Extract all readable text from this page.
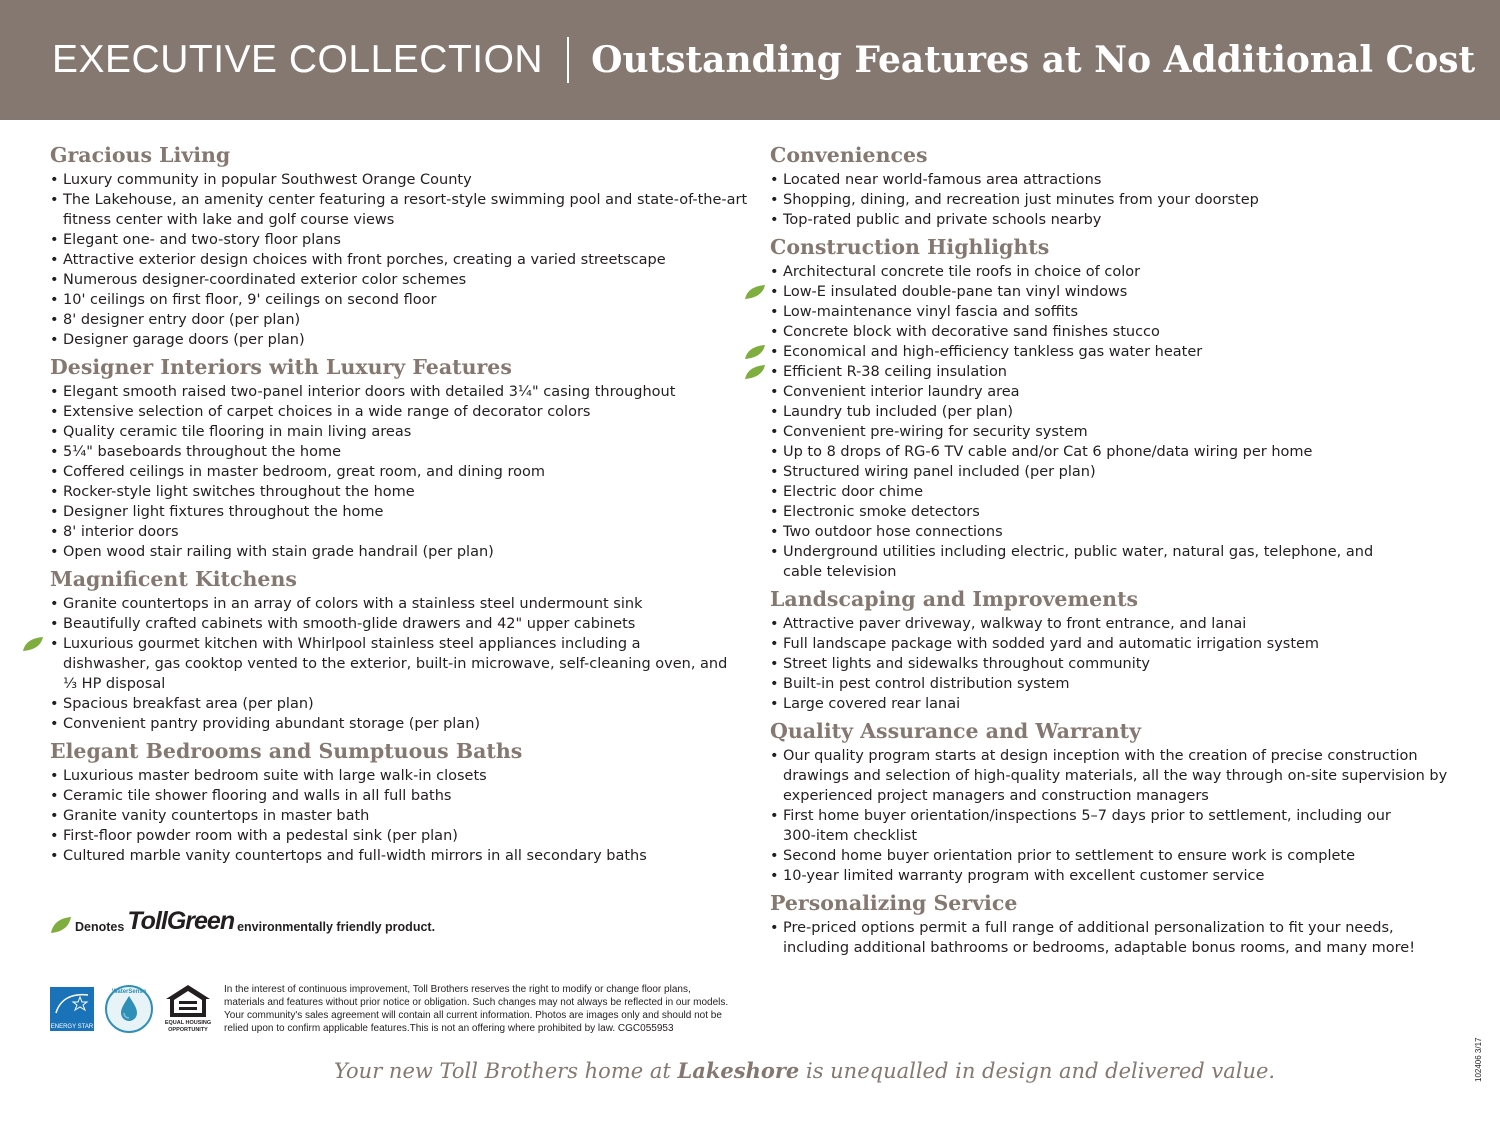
EXECUTIVE COLLECTION Outstanding Features at No Additional Cost
Gracious Living
• Luxury community in popular Southwest Orange County
• The Lakehouse, an amenity center featuring a resort-style swimming pool and state-of-the-art
fitness center with lake and golf course views
• Elegant one- and two-story floor plans
• Attractive exterior design choices with front porches, creating a varied streetscape
• Numerous designer-coordinated exterior color schemes
• 10' ceilings on first floor, 9' ceilings on second floor
• 8' designer entry door (per plan)
• Designer garage doors (per plan)
Designer Interiors with Luxury Features
• Elegant smooth raised two-panel interior doors with detailed 3¼" casing throughout
• Extensive selection of carpet choices in a wide range of decorator colors
• Quality ceramic tile flooring in main living areas
• 5¼" baseboards throughout the home
• Coffered ceilings in master bedroom, great room, and dining room
• Rocker-style light switches throughout the home
• Designer light fixtures throughout the home
• 8' interior doors
• Open wood stair railing with stain grade handrail (per plan)
Magnificent Kitchens
• Granite countertops in an array of colors with a stainless steel undermount sink
• Beautifully crafted cabinets with smooth-glide drawers and 42" upper cabinets
• Luxurious gourmet kitchen with Whirlpool stainless steel appliances including a
dishwasher, gas cooktop vented to the exterior, built-in microwave, self-cleaning oven, and
⅓ HP disposal
• Spacious breakfast area (per plan)
• Convenient pantry providing abundant storage (per plan)
Elegant Bedrooms and Sumptuous Baths
• Luxurious master bedroom suite with large walk-in closets
• Ceramic tile shower flooring and walls in all full baths
• Granite vanity countertops in master bath
• First-floor powder room with a pedestal sink (per plan)
• Cultured marble vanity countertops and full-width mirrors in all secondary baths
Conveniences
• Located near world-famous area attractions
• Shopping, dining, and recreation just minutes from your doorstep
• Top-rated public and private schools nearby
Construction Highlights
• Architectural concrete tile roofs in choice of color
• Low-E insulated double-pane tan vinyl windows
• Low-maintenance vinyl fascia and soffits
• Concrete block with decorative sand finishes stucco
• Economical and high-efficiency tankless gas water heater
• Efficient R-38 ceiling insulation
• Convenient interior laundry area
• Laundry tub included (per plan)
• Convenient pre-wiring for security system
• Up to 8 drops of RG-6 TV cable and/or Cat 6 phone/data wiring per home
• Structured wiring panel included (per plan)
• Electric door chime
• Electronic smoke detectors
• Two outdoor hose connections
• Underground utilities including electric, public water, natural gas, telephone, and
cable television
Landscaping and Improvements
• Attractive paver driveway, walkway to front entrance, and lanai
• Full landscape package with sodded yard and automatic irrigation system
• Street lights and sidewalks throughout community
• Built-in pest control distribution system
• Large covered rear lanai
Quality Assurance and Warranty
• Our quality program starts at design inception with the creation of precise construction
drawings and selection of high-quality materials, all the way through on-site supervision by
experienced project managers and construction managers
• First home buyer orientation/inspections 5–7 days prior to settlement, including our
300-item checklist
• Second home buyer orientation prior to settlement to ensure work is complete
• 10-year limited warranty program with excellent customer service
Personalizing Service
• Pre-priced options permit a full range of additional personalization to fit your needs,
including additional bathrooms or bedrooms, adaptable bonus rooms, and many more!
Denotes TollGreen environmentally friendly product.
ENERGY STAR
WaterSense
EQUAL HOUSING
OPPORTUNITY
In the interest of continuous improvement, Toll Brothers reserves the right to modify or change floor plans,
materials and features without prior notice or obligation. Such changes may not always be reflected in our models.
Your community's sales agreement will contain all current information. Photos are images only and should not be
relied upon to confirm applicable features.This is not an offering where prohibited by law. CGC055953
Your new Toll Brothers home at Lakeshore is unequalled in design and delivered value.	102406 3/17
